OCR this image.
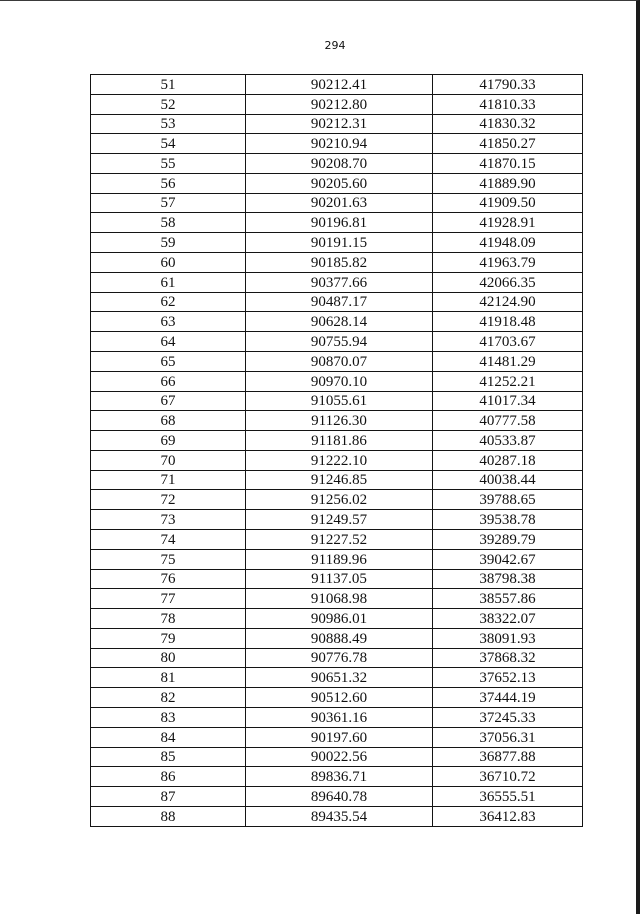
294
51	90212.41	41790.33
52	90212.80	41810.33
53	90212.31	41830.32
54	90210.94	41850.27
55	90208.70	41870.15
56	90205.60	41889.90
57	90201.63	41909.50
58	90196.81	41928.91
59	90191.15	41948.09
60	90185.82	41963.79
61	90377.66	42066.35
62	90487.17	42124.90
63	90628.14	41918.48
64	90755.94	41703.67
65	90870.07	41481.29
66	90970.10	41252.21
67	91055.61	41017.34
68	91126.30	40777.58
69	91181.86	40533.87
70	91222.10	40287.18
71	91246.85	40038.44
72	91256.02	39788.65
73	91249.57	39538.78
74	91227.52	39289.79
75	91189.96	39042.67
76	91137.05	38798.38
77	91068.98	38557.86
78	90986.01	38322.07
79	90888.49	38091.93
80	90776.78	37868.32
81	90651.32	37652.13
82	90512.60	37444.19
83	90361.16	37245.33
84	90197.60	37056.31
85	90022.56	36877.88
86	89836.71	36710.72
87	89640.78	36555.51
88	89435.54	36412.83
